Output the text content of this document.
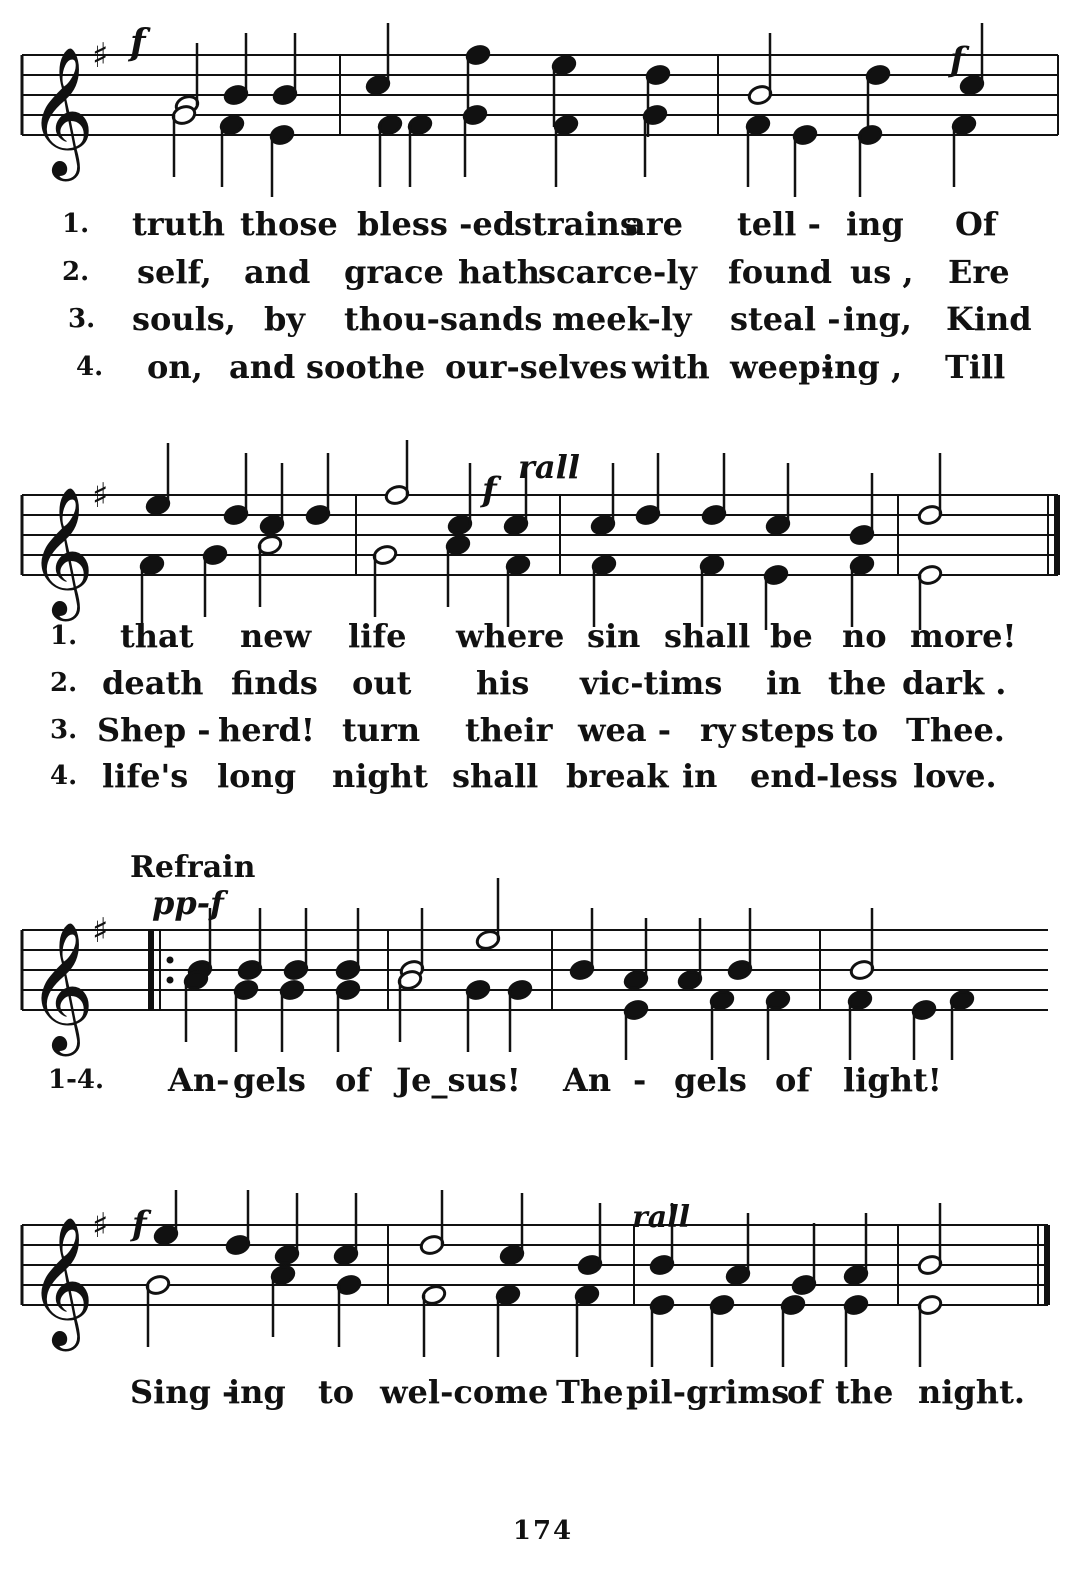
𝄞
♯ f	f
1. truth those bless -ed
strains
are tell - ing Of
2. self, and grace hath
scarce-ly found us , Ere
3. souls, by thou-sands meek-ly steal - ing, Kind
4. on, and soothe our-selves with weep-
ing , Till
𝄞
♯	f
rall
1. that new life where sin shall be no more!
2. death finds out his vic-tims in the dark .
3. Shep - herd! turn their wea - ry steps to Thee.
4. life's long night shall break in end-less love.
Refrain
𝄞
♯
pp-f
1-4. An- gels of Je_sus! An - gels of light!
𝄞
♯ f	rall
Sing -
ing to wel-come The pil-grims
of the night.
174
